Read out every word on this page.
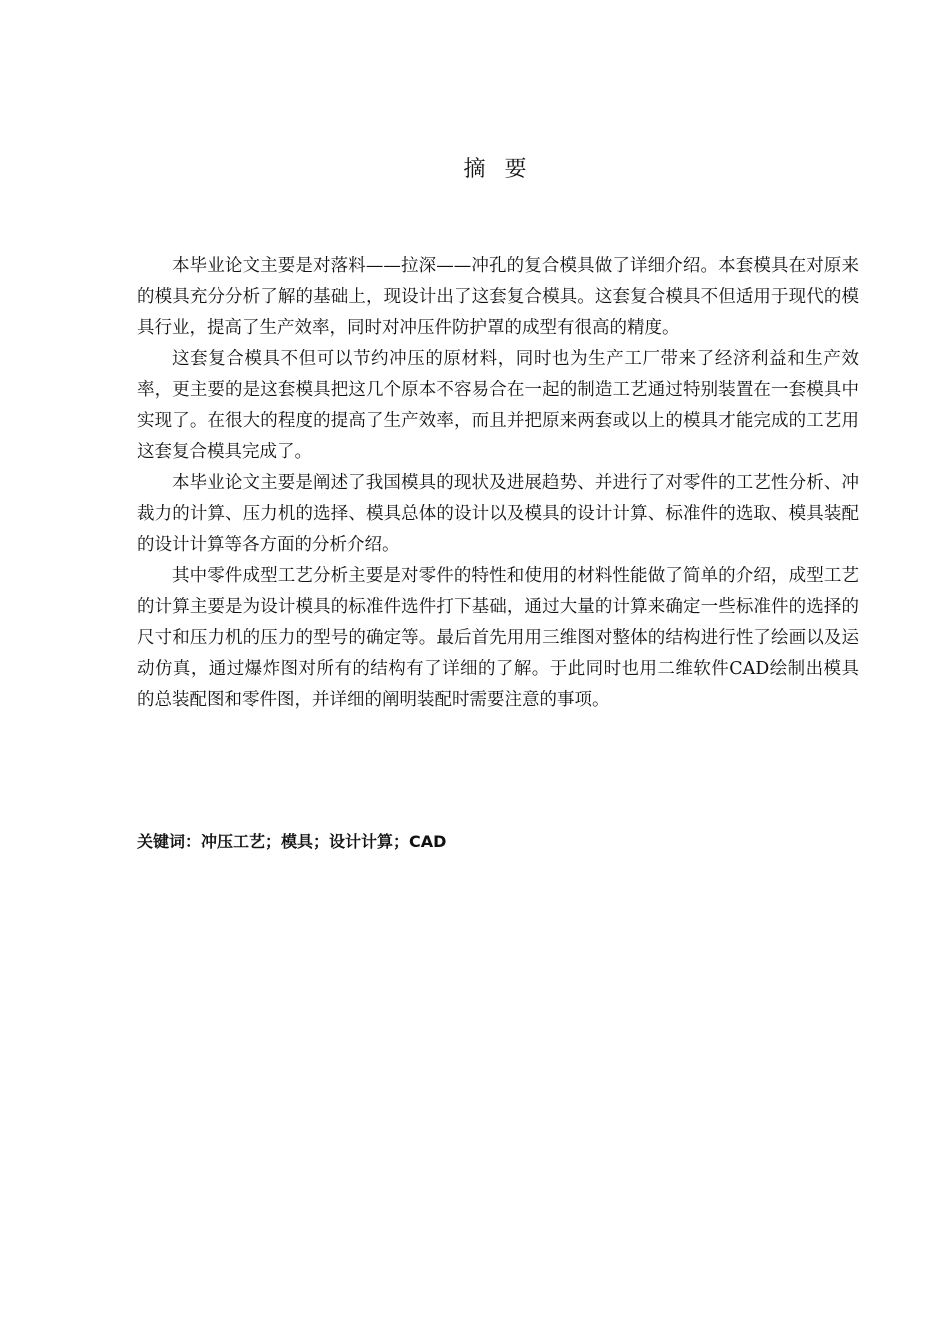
摘 要

本毕业论文主要是对落料——拉深——冲孔的复合模具做了详细介绍。本套模具在对原来的模具充分分析了解的基础上，现设计出了这套复合模具。这套复合模具不但适用于现代的模具行业，提高了生产效率，同时对冲压件防护罩的成型有很高的精度。

这套复合模具不但可以节约冲压的原材料，同时也为生产工厂带来了经济利益和生产效率，更主要的是这套模具把这几个原本不容易合在一起的制造工艺通过特别装置在一套模具中实现了。在很大的程度的提高了生产效率，而且并把原来两套或以上的模具才能完成的工艺用这套复合模具完成了。

本毕业论文主要是阐述了我国模具的现状及进展趋势、并进行了对零件的工艺性分析、冲裁力的计算、压力机的选择、模具总体的设计以及模具的设计计算、标准件的选取、模具装配的设计计算等各方面的分析介绍。

其中零件成型工艺分析主要是对零件的特性和使用的材料性能做了简单的介绍，成型工艺的计算主要是为设计模具的标准件选件打下基础，通过大量的计算来确定一些标准件的选择的尺寸和压力机的压力的型号的确定等。最后首先用用三维图对整体的结构进行性了绘画以及运动仿真，通过爆炸图对所有的结构有了详细的了解。于此同时也用二维软件CAD绘制出模具的总装配图和零件图，并详细的阐明装配时需要注意的事项。

关键词：冲压工艺；模具；设计计算；CAD
